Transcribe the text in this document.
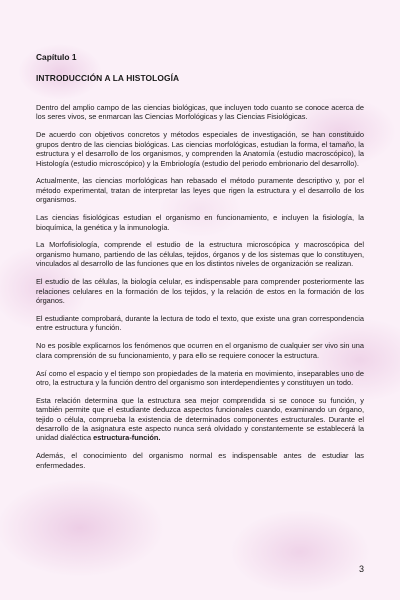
Capítulo 1
INTRODUCCIÓN A LA HISTOLOGÍA

Dentro del amplio campo de las ciencias biológicas, que incluyen todo cuanto se conoce acerca de los seres vivos, se enmarcan las Ciencias Morfológicas y las Ciencias Fisiológicas.

De acuerdo con objetivos concretos y métodos especiales de investigación, se han constituido grupos dentro de las ciencias biológicas. Las ciencias morfológicas, estudian la forma, el tamaño, la estructura y el desarrollo de los organismos, y comprenden la Anatomía (estudio macroscópico), la Histología (estudio microscópico) y la Embriología (estudio del periodo embrionario del desarrollo).

Actualmente, las ciencias morfológicas han rebasado el método puramente descriptivo y, por el método experimental, tratan de interpretar las leyes que rigen la estructura y el desarrollo de los organismos.

Las ciencias fisiológicas estudian el organismo en funcionamiento, e incluyen la fisiología, la bioquímica, la genética y la inmunología.

La Morfofisiología, comprende el estudio de la estructura microscópica y macroscópica del organismo humano, partiendo de las células, tejidos, órganos y de los sistemas que lo constituyen, vinculados al desarrollo de las funciones que en los distintos niveles de organización se realizan.

El estudio de las células, la biología celular, es indispensable para comprender posteriormente las relaciones celulares en la formación de los tejidos, y la relación de estos en la formación de los órganos.

El estudiante comprobará, durante la lectura de todo el texto, que existe una gran correspondencia entre estructura y función.

No es posible explicarnos los fenómenos que ocurren en el organismo de cualquier ser vivo sin una clara comprensión de su funcionamiento, y para ello se requiere conocer la estructura.

Así como el espacio y el tiempo son propiedades de la materia en movimiento, inseparables uno de otro, la estructura y la función dentro del organismo son interdependientes y constituyen un todo.

Esta relación determina que la estructura sea mejor comprendida si se conoce su función, y también permite que el estudiante deduzca aspectos funcionales cuando, examinando un órgano, tejido o célula, comprueba la existencia de determinados componentes estructurales. Durante el desarrollo de la asignatura este aspecto nunca será olvidado y constantemente se establecerá la unidad dialéctica estructura-función.

Además, el conocimiento del organismo normal es indispensable antes de estudiar las enfermedades.

3
